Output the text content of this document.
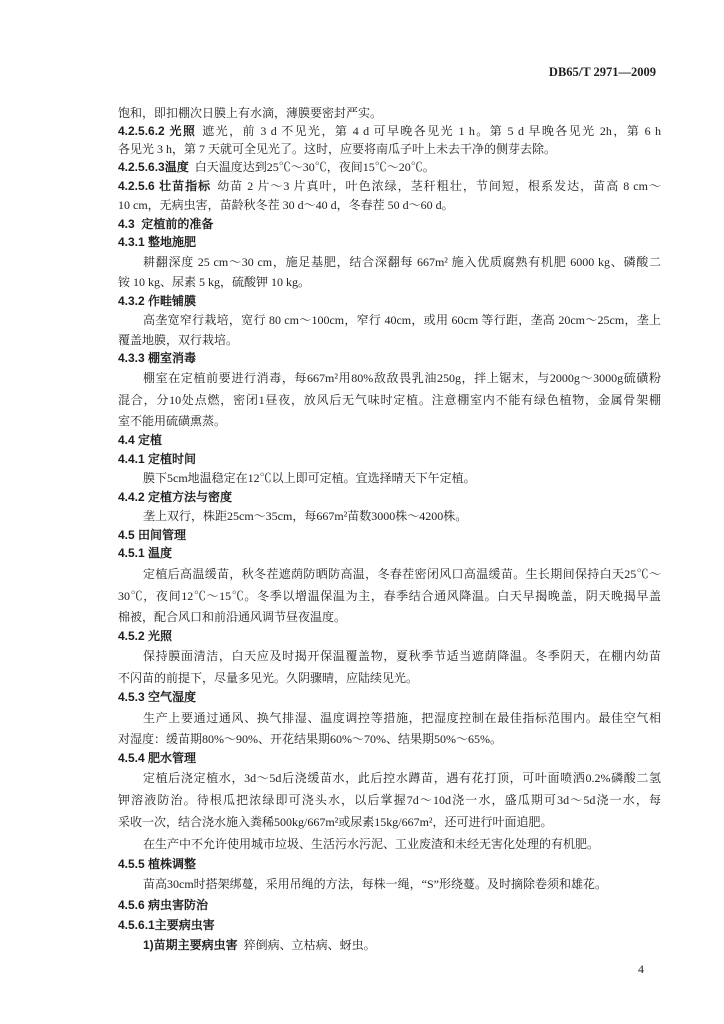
DB65/T 2971—2009
饱和，即扣棚次日膜上有水滴，薄膜要密封严实。
4.2.5.6.2 光照 遮光，前 3 d 不见光，第 4 d 可早晚各见光 1 h。第 5 d 早晚各见光 2h，第 6 h
各见光 3 h，第 7 天就可全见光了。这时，应要将南瓜子叶上未去干净的侧芽去除。
4.2.5.6.3温度 白天温度达到25℃～30℃，夜间15℃～20℃。
4.2.5.6 壮苗指标 幼苗 2 片～3 片真叶，叶色浓绿，茎秆粗壮，节间短，根系发达，苗高 8 cm～
10 cm，无病虫害，苗龄秋冬茬 30 d～40 d，冬春茬 50 d～60 d。
4.3  定植前的准备
4.3.1 整地施肥
耕翻深度 25 cm～30 cm，施足基肥，结合深翻每 667m² 施入优质腐熟有机肥 6000 kg、磷酸二
铵 10 kg、尿素 5 kg，硫酸钾 10 kg。
4.3.2 作畦铺膜
高垄宽窄行栽培，宽行 80 cm～100cm，窄行 40cm，或用 60cm 等行距，垄高 20cm～25cm，垄上
覆盖地膜，双行栽培。
4.3.3 棚室消毒
棚室在定植前要进行消毒，每667m²用80%敌敌畏乳油250g，拌上锯末，与2000g～3000g硫磺粉
混合，分10处点燃，密闭1昼夜，放风后无气味时定植。注意棚室内不能有绿色植物，金属骨架棚
室不能用硫磺熏蒸。
4.4 定植
4.4.1 定植时间
膜下5cm地温稳定在12℃以上即可定植。宜选择晴天下午定植。
4.4.2 定植方法与密度
垄上双行，株距25cm～35cm，每667m²苗数3000株～4200株。
4.5 田间管理
4.5.1 温度
定植后高温缓苗，秋冬茬遮荫防晒防高温，冬春茬密闭风口高温缓苗。生长期间保持白天25℃～
30℃，夜间12℃～15℃。冬季以增温保温为主，春季结合通风降温。白天早揭晚盖，阴天晚揭早盖
棉被，配合风口和前沿通风调节昼夜温度。
4.5.2 光照
保持膜面清洁，白天应及时揭开保温覆盖物，夏秋季节适当遮荫降温。冬季阴天，在棚内幼苗
不闪苗的前提下，尽量多见光。久阴骤晴，应陆续见光。
4.5.3 空气湿度
生产上要通过通风、换气排湿、温度调控等措施，把湿度控制在最佳指标范围内。最佳空气相
对湿度：缓苗期80%～90%、开花结果期60%～70%、结果期50%～65%。
4.5.4 肥水管理
定植后浇定植水，3d～5d后浇缓苗水，此后控水蹲苗，遇有花打顶，可叶面喷洒0.2%磷酸二氢
钾溶液防治。待根瓜把浓绿即可浇头水，以后掌握7d～10d浇一水，盛瓜期可3d～5d浇一水，每
采收一次，结合浇水施入粪稀500kg/667m²或尿素15kg/667m²，还可进行叶面追肥。
在生产中不允许使用城市垃圾、生活污水污泥、工业废渣和未经无害化处理的有机肥。
4.5.5 植株调整
苗高30cm时搭架绑蔓，采用吊绳的方法，每株一绳，“S”形绕蔓。及时摘除卷须和雄花。
4.5.6 病虫害防治
4.5.6.1主要病虫害
1)苗期主要病虫害 猝倒病、立枯病、蚜虫。
4
